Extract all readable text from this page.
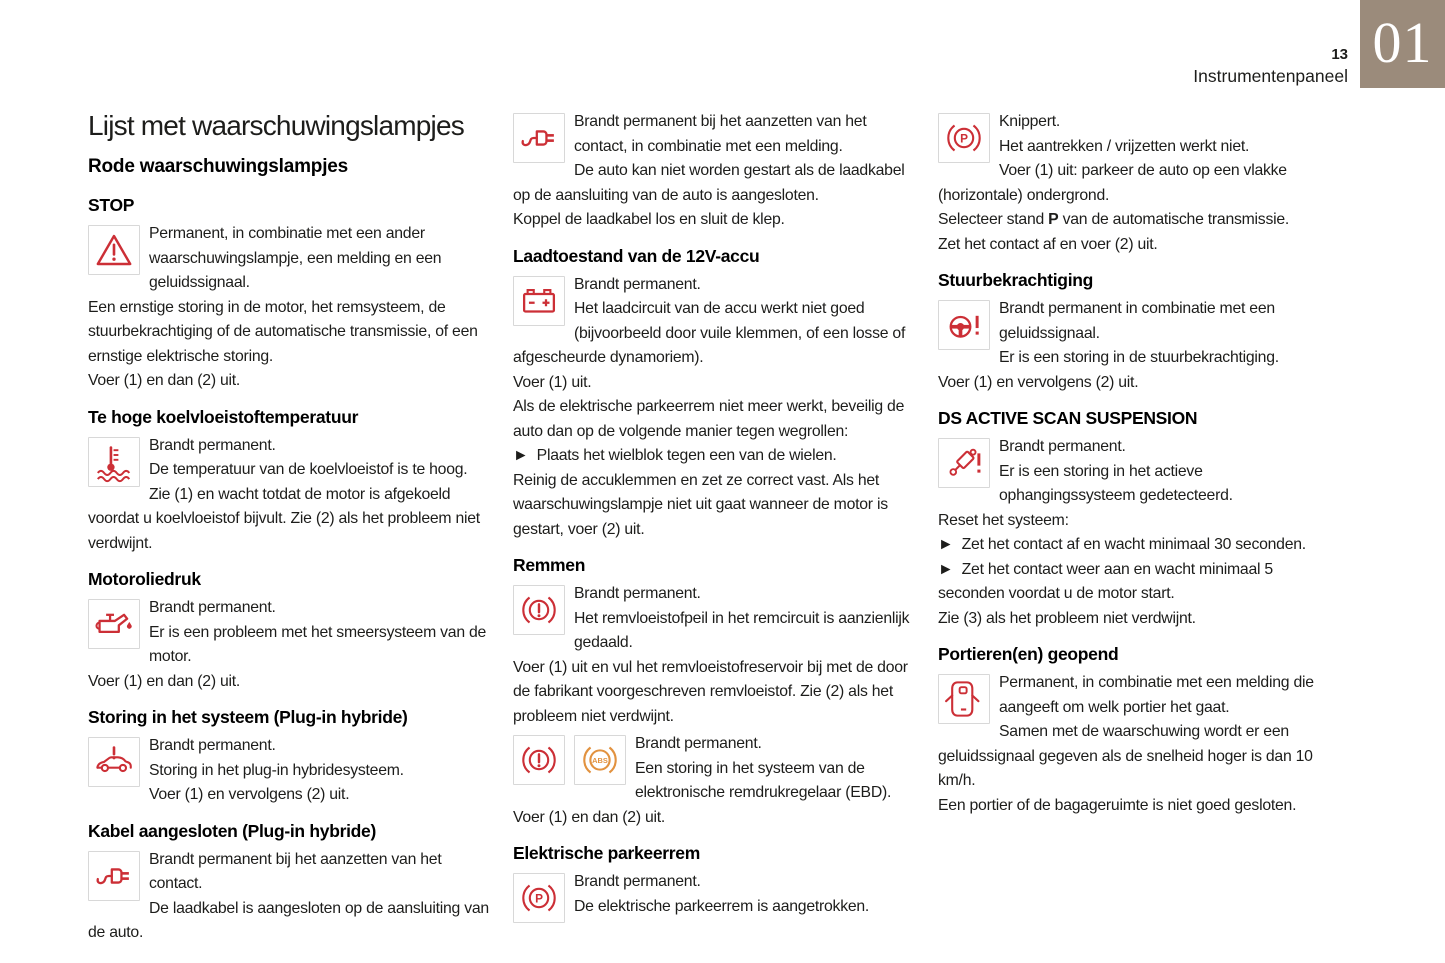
13
Instrumentenpaneel
01
Lijst met waarschuwingslampjes
Rode waarschuwingslampjes
STOP

Permanent, in combinatie met een ander waarschuwingslampje, een melding en een geluidssignaal.

Een ernstige storing in de motor, het remsysteem, de stuurbekrachtiging of de automatische transmissie, of een ernstige elektrische storing.

Voer (1) en dan (2) uit.

Te hoge koelvloeistoftemperatuur

Brandt permanent.

De temperatuur van de koelvloeistof is te hoog.

Zie (1) en wacht totdat de motor is afgekoeld voordat u koelvloeistof bijvult. Zie (2) als het probleem niet verdwijnt.

Motoroliedruk

Brandt permanent.

Er is een probleem met het smeersysteem van de motor.

Voer (1) en dan (2) uit.

Storing in het systeem (Plug-in hybride)

Brandt permanent.

Storing in het plug-in hybridesysteem.

Voer (1) en vervolgens (2) uit.

Kabel aangesloten (Plug-in hybride)

Brandt permanent bij het aanzetten van het contact.

De laadkabel is aangesloten op de aansluiting van de auto.

Brandt permanent bij het aanzetten van het contact, in combinatie met een melding.

De auto kan niet worden gestart als de laadkabel op de aansluiting van de auto is aangesloten.

Koppel de laadkabel los en sluit de klep.

Laadtoestand van de 12V-accu

Brandt permanent.

Het laadcircuit van de accu werkt niet goed (bijvoorbeeld door vuile klemmen, of een losse of afgescheurde dynamoriem).

Voer (1) uit.

Als de elektrische parkeerrem niet meer werkt, beveilig de auto dan op de volgende manier tegen wegrollen:

►  Plaats het wielblok tegen een van de wielen.

Reinig de accuklemmen en zet ze correct vast. Als het waarschuwingslampje niet uit gaat wanneer de motor is gestart, voer (2) uit.

Remmen

Brandt permanent.

Het remvloeistofpeil in het remcircuit is aanzienlijk gedaald.

Voer (1) uit en vul het remvloeistofreservoir bij met de door de fabrikant voorgeschreven remvloeistof. Zie (2) als het probleem niet verdwijnt.

Brandt permanent.

Een storing in het systeem van de elektronische remdrukregelaar (EBD).

Voer (1) en dan (2) uit.

Elektrische parkeerrem

Brandt permanent.

De elektrische parkeerrem is aangetrokken.

Knippert.

Het aantrekken / vrijzetten werkt niet.

Voer (1) uit: parkeer de auto op een vlakke (horizontale) ondergrond.

Selecteer stand P van de automatische transmissie.

Zet het contact af en voer (2) uit.

Stuurbekrachtiging

Brandt permanent in combinatie met een geluidssignaal.

Er is een storing in de stuurbekrachtiging.

Voer (1) en vervolgens (2) uit.

DS ACTIVE SCAN SUSPENSION

Brandt permanent.

Er is een storing in het actieve ophangingssysteem gedetecteerd.

Reset het systeem:

►  Zet het contact af en wacht minimaal 30 seconden.

►  Zet het contact weer aan en wacht minimaal 5 seconden voordat u de motor start.

Zie (3) als het probleem niet verdwijnt.

Portieren(en) geopend

Permanent, in combinatie met een melding die aangeeft om welk portier het gaat.

Samen met de waarschuwing wordt er een geluidssignaal gegeven als de snelheid hoger is dan 10 km/h.

Een portier of de bagageruimte is niet goed gesloten.
